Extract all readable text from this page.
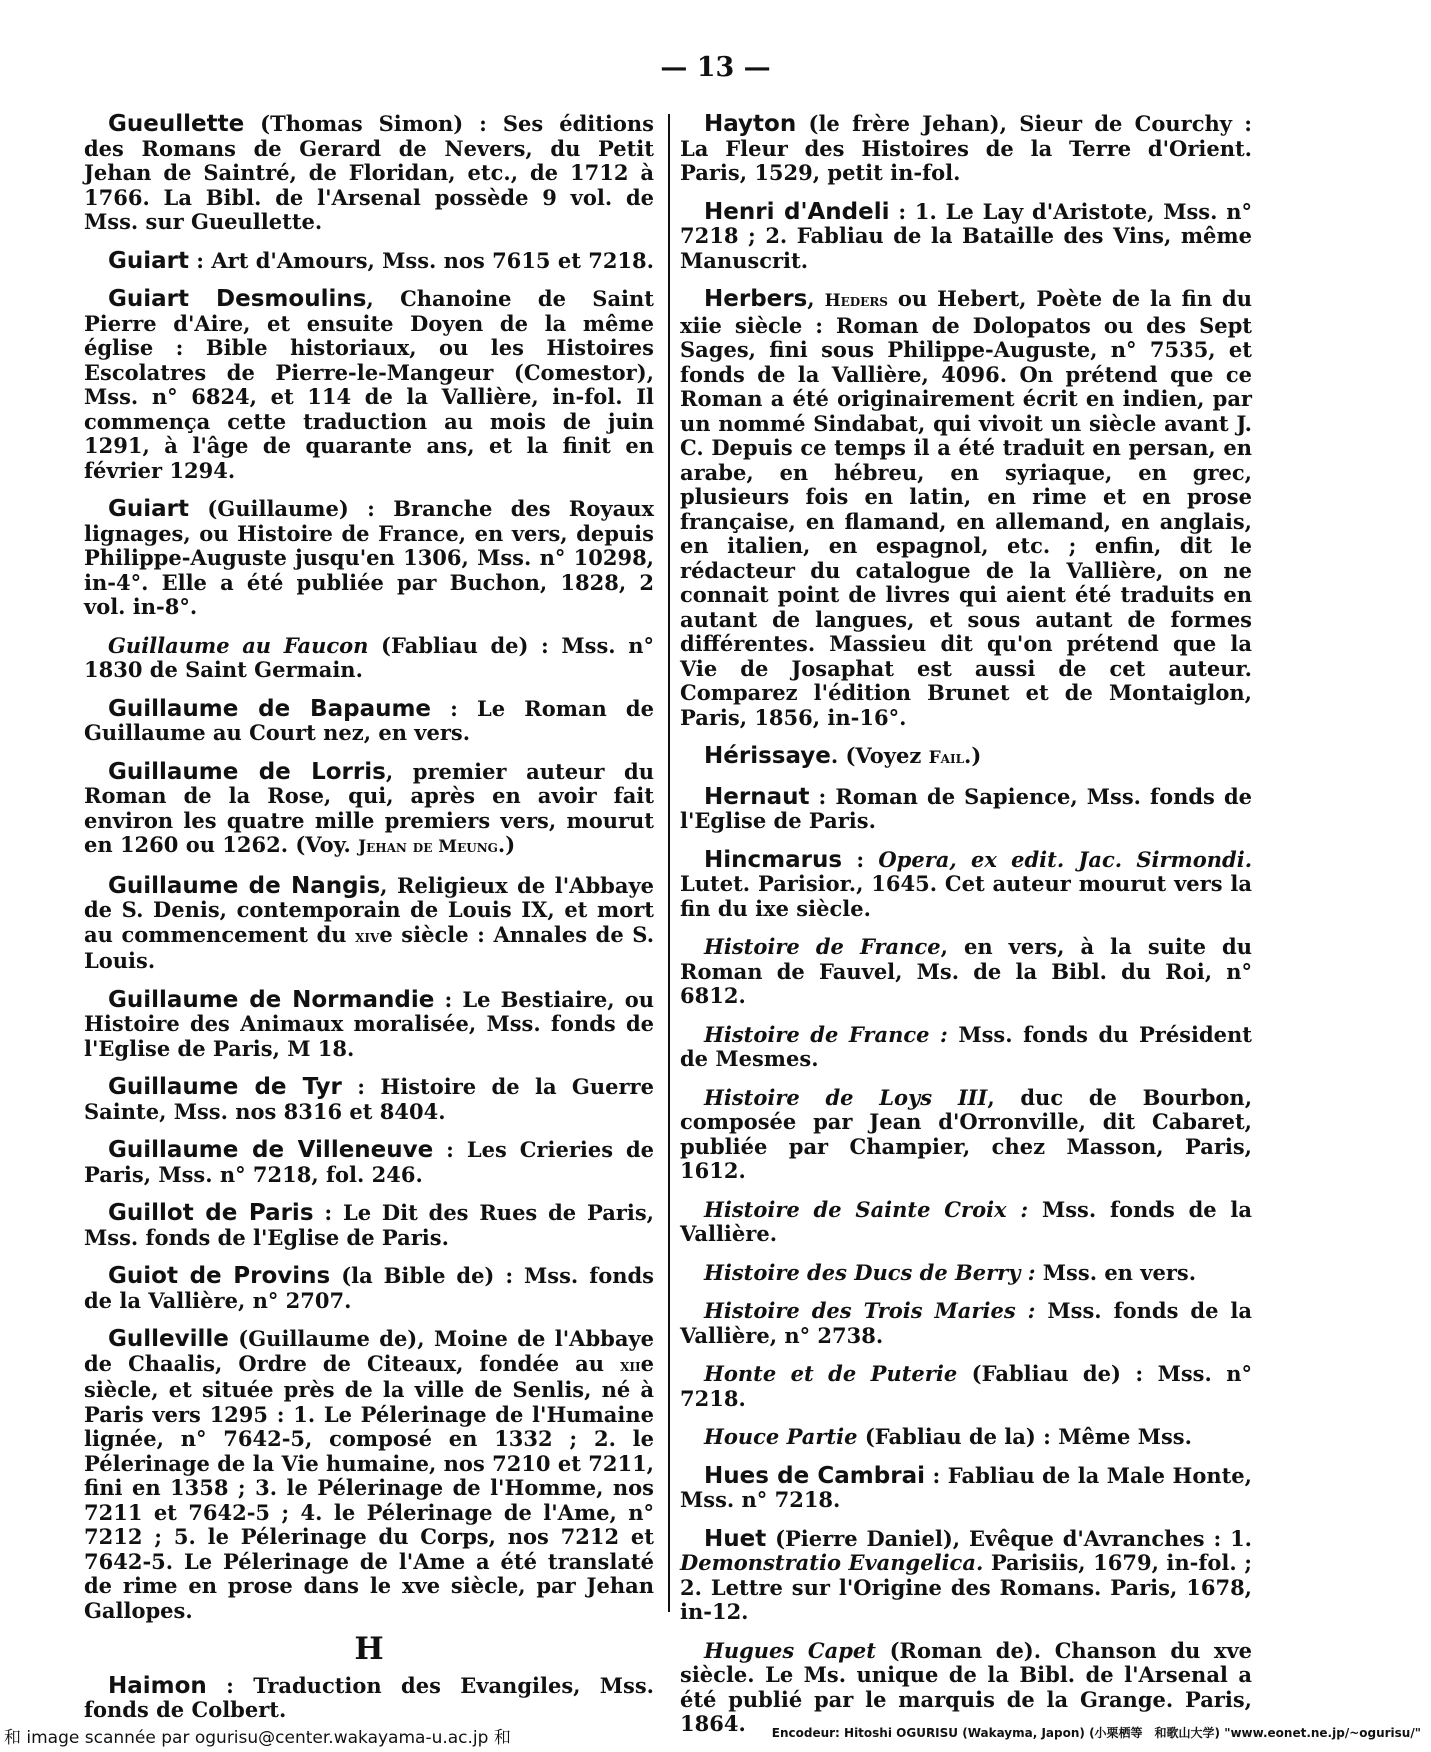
— 13 —
Gueullette (Thomas Simon) : Ses éditions des Romans de Gerard de Nevers, du Petit Jehan de Saintré, de Floridan, etc., de 1712 à 1766. La Bibl. de l'Arsenal possède 9 vol. de Mss. sur Gueullette.
Guiart : Art d'Amours, Mss. nos 7615 et 7218.
Guiart Desmoulins, Chanoine de Saint Pierre d'Aire, et ensuite Doyen de la même église : Bible historiaux, ou les Histoires Escolatres de Pierre-le-Mangeur (Comestor), Mss. n° 6824, et 114 de la Vallière, in-fol. Il commença cette traduction au mois de juin 1291, à l'âge de quarante ans, et la finit en février 1294.
Guiart (Guillaume) : Branche des Royaux lignages, ou Histoire de France, en vers, depuis Philippe-Auguste jusqu'en 1306, Mss. n° 10298, in-4°. Elle a été publiée par Buchon, 1828, 2 vol. in-8°.
Guillaume au Faucon (Fabliau de) : Mss. n° 1830 de Saint Germain.
Guillaume de Bapaume : Le Roman de Guillaume au Court nez, en vers.
Guillaume de Lorris, premier auteur du Roman de la Rose, qui, après en avoir fait environ les quatre mille premiers vers, mourut en 1260 ou 1262. (Voy. Jehan de Meung.)
Guillaume de Nangis, Religieux de l'Abbaye de S. Denis, contemporain de Louis IX, et mort au commencement du xive siècle : Annales de S. Louis.
Guillaume de Normandie : Le Bestiaire, ou Histoire des Animaux moralisée, Mss. fonds de l'Eglise de Paris, M 18.
Guillaume de Tyr : Histoire de la Guerre Sainte, Mss. nos 8316 et 8404.
Guillaume de Villeneuve : Les Crieries de Paris, Mss. n° 7218, fol. 246.
Guillot de Paris : Le Dit des Rues de Paris, Mss. fonds de l'Eglise de Paris.
Guiot de Provins (la Bible de) : Mss. fonds de la Vallière, n° 2707.
Gulleville (Guillaume de), Moine de l'Abbaye de Chaalis, Ordre de Citeaux, fondée au xiie siècle, et située près de la ville de Senlis, né à Paris vers 1295 : 1. Le Pélerinage de l'Humaine lignée, n° 7642-5, composé en 1332 ; 2. le Pélerinage de la Vie humaine, nos 7210 et 7211, fini en 1358 ; 3. le Pélerinage de l'Homme, nos 7211 et 7642-5 ; 4. le Pélerinage de l'Ame, n° 7212 ; 5. le Pélerinage du Corps, nos 7212 et 7642-5. Le Pélerinage de l'Ame a été translaté de rime en prose dans le xve siècle, par Jehan Gallopes.
H
Haimon : Traduction des Evangiles, Mss. fonds de Colbert.
Hayton (le frère Jehan), Sieur de Courchy : La Fleur des Histoires de la Terre d'Orient. Paris, 1529, petit in-fol.
Henri d'Andeli : 1. Le Lay d'Aristote, Mss. n° 7218 ; 2. Fabliau de la Bataille des Vins, même Manuscrit.
Herbers, Heders ou Hebert, Poète de la fin du xiie siècle : Roman de Dolopatos ou des Sept Sages, fini sous Philippe-Auguste, n° 7535, et fonds de la Vallière, 4096. On prétend que ce Roman a été originairement écrit en indien, par un nommé Sindabat, qui vivoit un siècle avant J. C. Depuis ce temps il a été traduit en persan, en arabe, en hébreu, en syriaque, en grec, plusieurs fois en latin, en rime et en prose française, en flamand, en allemand, en anglais, en italien, en espagnol, etc. ; enfin, dit le rédacteur du catalogue de la Vallière, on ne connait point de livres qui aient été traduits en autant de langues, et sous autant de formes différentes. Massieu dit qu'on prétend que la Vie de Josaphat est aussi de cet auteur. Comparez l'édition Brunet et de Montaiglon, Paris, 1856, in-16°.
Hérissaye. (Voyez Fail.)
Hernaut : Roman de Sapience, Mss. fonds de l'Eglise de Paris.
Hincmarus : Opera, ex edit. Jac. Sirmondi. Lutet. Parisior., 1645. Cet auteur mourut vers la fin du ixe siècle.
Histoire de France, en vers, à la suite du Roman de Fauvel, Ms. de la Bibl. du Roi, n° 6812.
Histoire de France : Mss. fonds du Président de Mesmes.
Histoire de Loys III, duc de Bourbon, composée par Jean d'Orronville, dit Cabaret, publiée par Champier, chez Masson, Paris, 1612.
Histoire de Sainte Croix : Mss. fonds de la Vallière.
Histoire des Ducs de Berry : Mss. en vers.
Histoire des Trois Maries : Mss. fonds de la Vallière, n° 2738.
Honte et de Puterie (Fabliau de) : Mss. n° 7218.
Houce Partie (Fabliau de la) : Même Mss.
Hues de Cambrai : Fabliau de la Male Honte, Mss. n° 7218.
Huet (Pierre Daniel), Evêque d'Avranches : 1. Demonstratio Evangelica. Parisiis, 1679, in-fol. ; 2. Lettre sur l'Origine des Romans. Paris, 1678, in-12.
Hugues Capet (Roman de). Chanson du xve siècle. Le Ms. unique de la Bibl. de l'Arsenal a été publié par le marquis de la Grange. Paris, 1864.	Encodeur: Hitoshi OGURISU (Wakayma, Japon) (小栗栖等　和歌山大学) "www.eonet.ne.jp/~ogurisu/"
和 image scannée par ogurisu@center.wakayama-u.ac.jp 和
